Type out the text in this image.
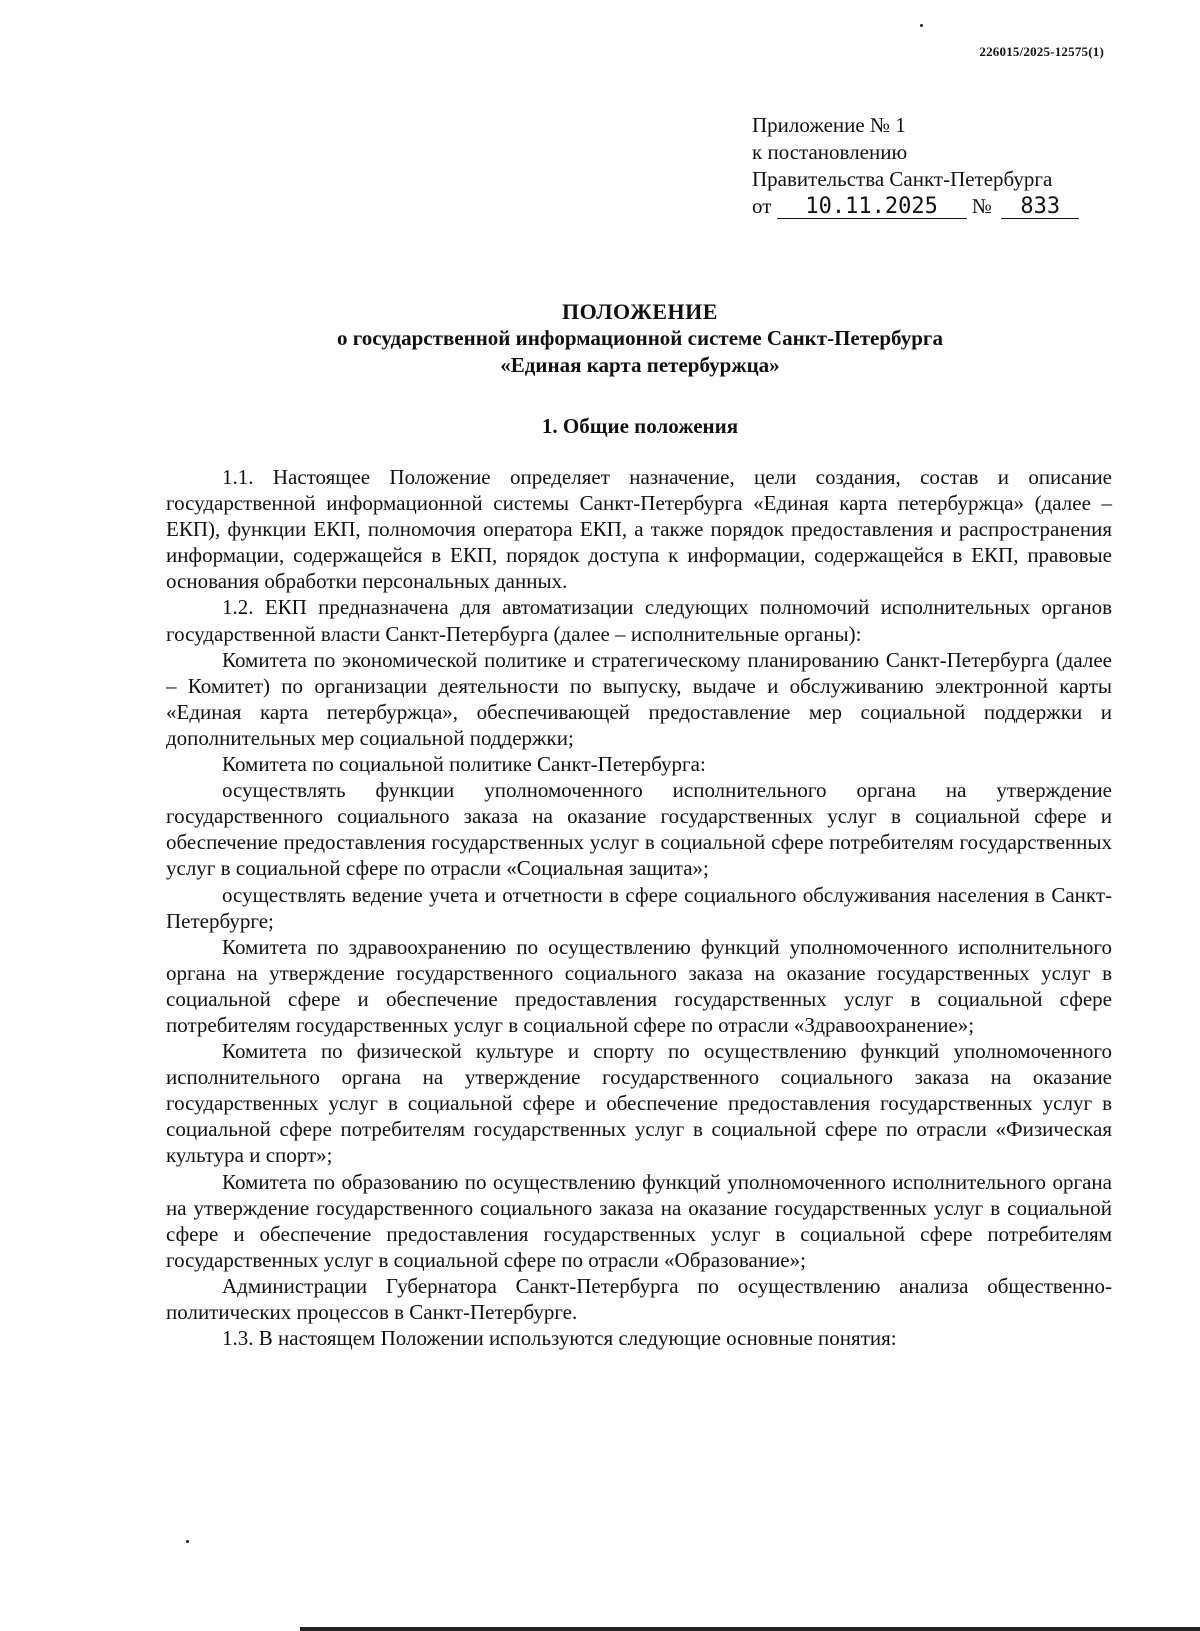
226015/2025-12575(1)
Приложение № 1
к постановлению
Правительства Санкт-Петербурга
от 10.11.2025 № 833
ПОЛОЖЕНИЕ
о государственной информационной системе Санкт-Петербурга
«Единая карта петербуржца»
1. Общие положения

1.1. Настоящее Положение определяет назначение, цели создания, состав и описание государственной информационной системы Санкт-Петербурга «Единая карта петербуржца» (далее – ЕКП), функции ЕКП, полномочия оператора ЕКП, а также порядок предоставления и распространения информации, содержащейся в ЕКП, порядок доступа к информации, содержащейся в ЕКП, правовые основания обработки персональных данных.

1.2. ЕКП предназначена для автоматизации следующих полномочий исполнительных органов государственной власти Санкт-Петербурга (далее – исполнительные органы):

Комитета по экономической политике и стратегическому планированию Санкт-Петербурга (далее – Комитет) по организации деятельности по выпуску, выдаче и обслуживанию электронной карты «Единая карта петербуржца», обеспечивающей предоставление мер социальной поддержки и дополнительных мер социальной поддержки;

Комитета по социальной политике Санкт-Петербурга:

осуществлять функции уполномоченного исполнительного органа на утверждение государственного социального заказа на оказание государственных услуг в социальной сфере и обеспечение предоставления государственных услуг в социальной сфере потребителям государственных услуг в социальной сфере по отрасли «Социальная защита»;

осуществлять ведение учета и отчетности в сфере социального обслуживания населения в Санкт-Петербурге;

Комитета по здравоохранению по осуществлению функций уполномоченного исполнительного органа на утверждение государственного социального заказа на оказание государственных услуг в социальной сфере и обеспечение предоставления государственных услуг в социальной сфере потребителям государственных услуг в социальной сфере по отрасли «Здравоохранение»;

Комитета по физической культуре и спорту по осуществлению функций уполномоченного исполнительного органа на утверждение государственного социального заказа на оказание государственных услуг в социальной сфере и обеспечение предоставления государственных услуг в социальной сфере потребителям государственных услуг в социальной сфере по отрасли «Физическая культура и спорт»;

Комитета по образованию по осуществлению функций уполномоченного исполнительного органа на утверждение государственного социального заказа на оказание государственных услуг в социальной сфере и обеспечение предоставления государственных услуг в социальной сфере потребителям государственных услуг в социальной сфере по отрасли «Образование»;

Администрации Губернатора Санкт-Петербурга по осуществлению анализа общественно-политических процессов в Санкт-Петербурге.

1.3. В настоящем Положении используются следующие основные понятия:
